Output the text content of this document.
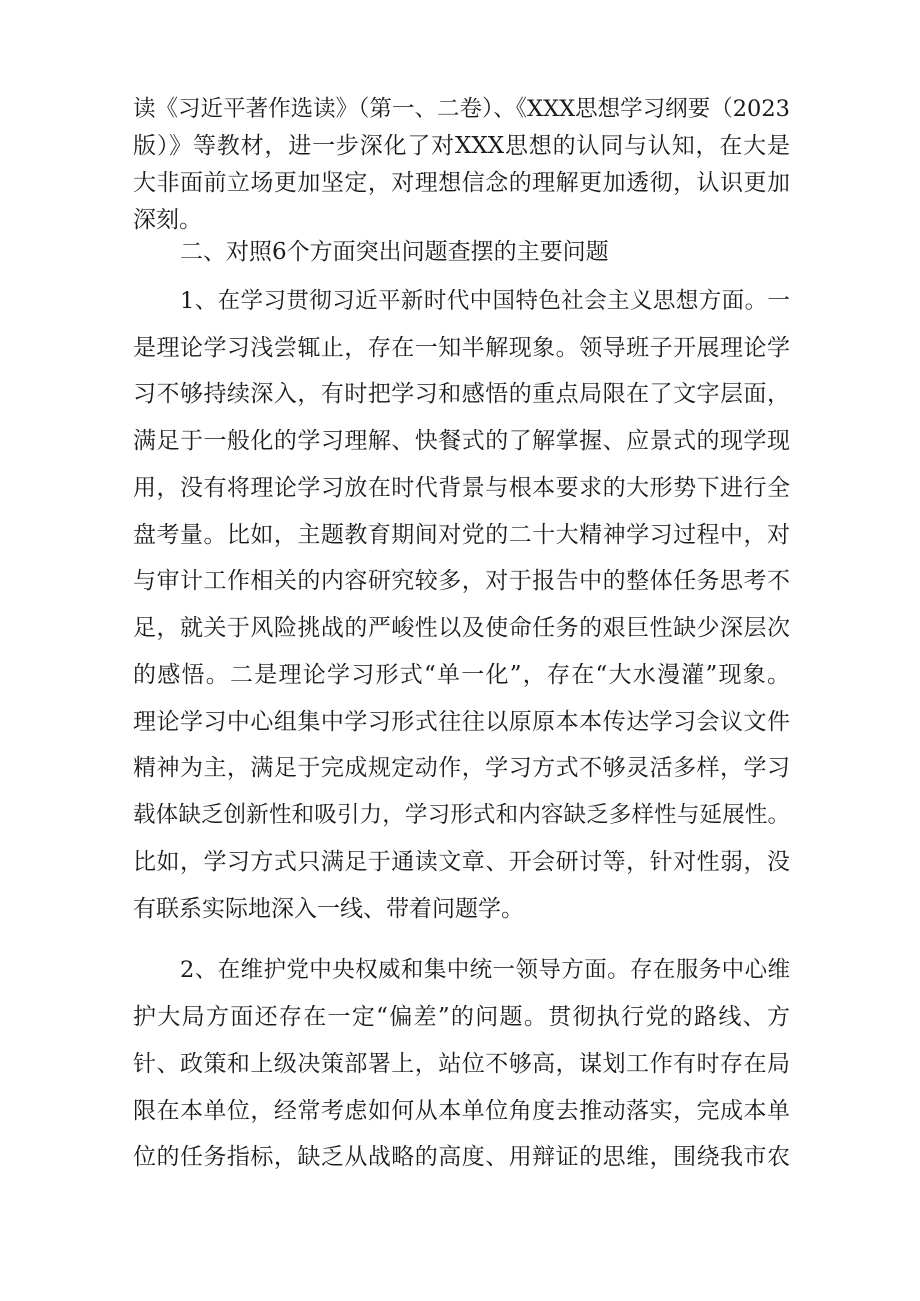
读《习近平著作选读》（第一、二卷）、《XXX思想学习纲要（2023
版）》等教材，进一步深化了对XXX思想的认同与认知，在大是
大非面前立场更加坚定，对理想信念的理解更加透彻，认识更加
深刻。
二、对照6个方面突出问题查摆的主要问题
1、在学习贯彻习近平新时代中国特色社会主义思想方面。一
是理论学习浅尝辄止，存在一知半解现象。领导班子开展理论学
习不够持续深入，有时把学习和感悟的重点局限在了文字层面，
满足于一般化的学习理解、快餐式的了解掌握、应景式的现学现
用，没有将理论学习放在时代背景与根本要求的大形势下进行全
盘考量。比如，主题教育期间对党的二十大精神学习过程中，对
与审计工作相关的内容研究较多，对于报告中的整体任务思考不
足，就关于风险挑战的严峻性以及使命任务的艰巨性缺少深层次
的感悟。二是理论学习形式“单一化”，存在“大水漫灌”现象。
理论学习中心组集中学习形式往往以原原本本传达学习会议文件
精神为主，满足于完成规定动作，学习方式不够灵活多样，学习
载体缺乏创新性和吸引力，学习形式和内容缺乏多样性与延展性。
比如，学习方式只满足于通读文章、开会研讨等，针对性弱，没
有联系实际地深入一线、带着问题学。
2、在维护党中央权威和集中统一领导方面。存在服务中心维
护大局方面还存在一定“偏差”的问题。贯彻执行党的路线、方
针、政策和上级决策部署上，站位不够高，谋划工作有时存在局
限在本单位，经常考虑如何从本单位角度去推动落实，完成本单
位的任务指标，缺乏从战略的高度、用辩证的思维，围绕我市农
